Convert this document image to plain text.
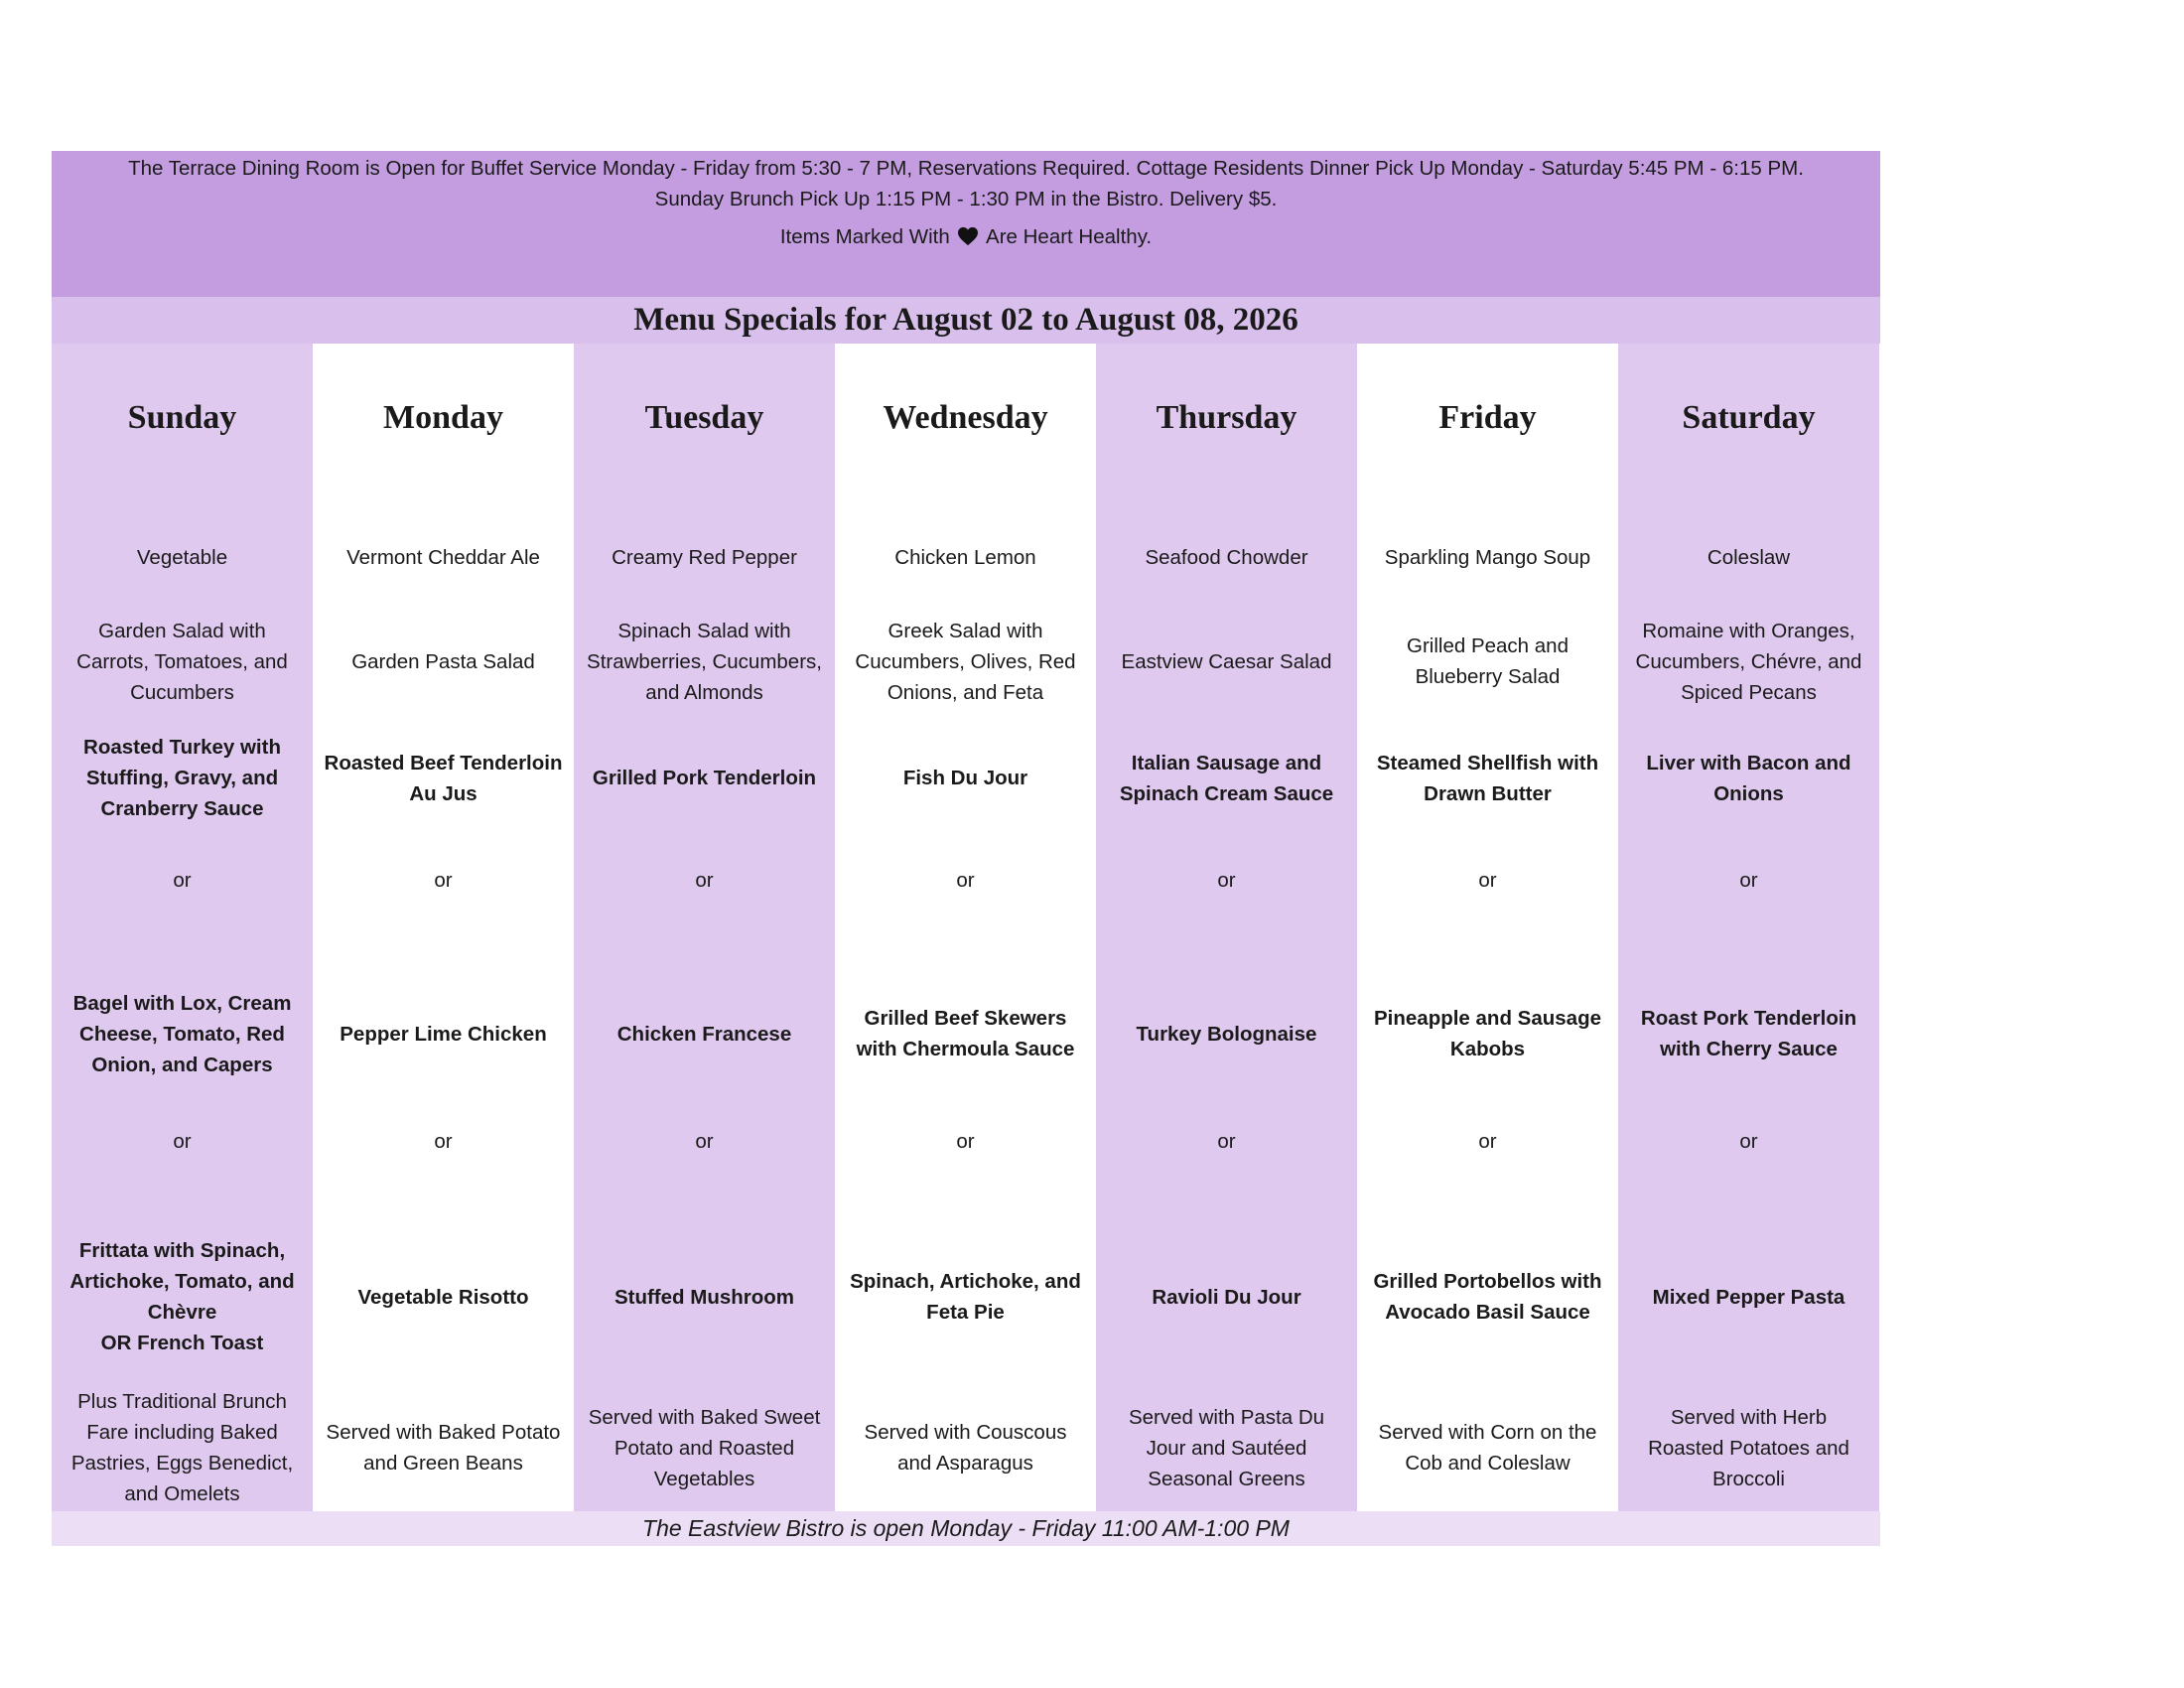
The Terrace Dining Room is Open for Buffet Service Monday - Friday from 5:30 - 7 PM, Reservations Required. Cottage Residents Dinner Pick Up Monday - Saturday 5:45 PM - 6:15 PM.
Sunday Brunch Pick Up 1:15 PM - 1:30 PM in the Bistro. Delivery $5.
Items Marked With Are Heart Healthy.
Menu Specials for August 02 to August 08, 2026
Sunday
Vegetable
Garden Salad with
Carrots, Tomatoes, and
Cucumbers
Roasted Turkey with
Stuffing, Gravy, and
Cranberry Sauce
or
Bagel with Lox, Cream
Cheese, Tomato, Red
Onion, and Capers
or
Frittata with Spinach,
Artichoke, Tomato, and
Chèvre
OR French Toast
Plus Traditional Brunch
Fare including Baked
Pastries, Eggs Benedict,
and Omelets
Monday
Vermont Cheddar Ale
Garden Pasta Salad
Roasted Beef Tenderloin
Au Jus
or
Pepper Lime Chicken
or
Vegetable Risotto
Served with Baked Potato
and Green Beans
Tuesday
Creamy Red Pepper
Spinach Salad with
Strawberries, Cucumbers,
and Almonds
Grilled Pork Tenderloin
or
Chicken Francese
or
Stuffed Mushroom
Served with Baked Sweet
Potato and Roasted
Vegetables
Wednesday
Chicken Lemon
Greek Salad with
Cucumbers, Olives, Red
Onions, and Feta
Fish Du Jour
or
Grilled Beef Skewers
with Chermoula Sauce
or
Spinach, Artichoke, and
Feta Pie
Served with Couscous
and Asparagus
Thursday
Seafood Chowder
Eastview Caesar Salad
Italian Sausage and
Spinach Cream Sauce
or
Turkey Bolognaise
or
Ravioli Du Jour
Served with Pasta Du
Jour and Sautéed
Seasonal Greens
Friday
Sparkling Mango Soup
Grilled Peach and
Blueberry Salad
Steamed Shellfish with
Drawn Butter
or
Pineapple and Sausage
Kabobs
or
Grilled Portobellos with
Avocado Basil Sauce
Served with Corn on the
Cob and Coleslaw
Saturday
Coleslaw
Romaine with Oranges,
Cucumbers, Chévre, and
Spiced Pecans
Liver with Bacon and
Onions
or
Roast Pork Tenderloin
with Cherry Sauce
or
Mixed Pepper Pasta
Served with Herb
Roasted Potatoes and
Broccoli
The Eastview Bistro is open Monday - Friday 11:00 AM-1:00 PM
